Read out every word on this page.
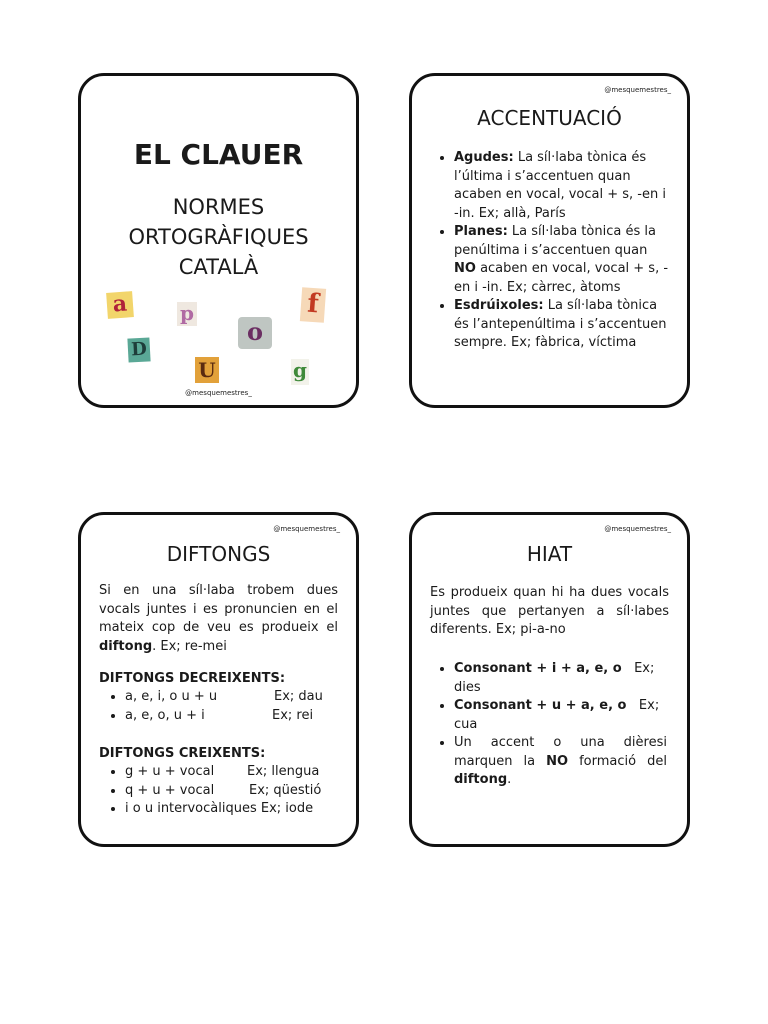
EL CLAUER
NORMES
ORTOGRÀFIQUES
CATALÀ
a	p	f
o
D
U	g
@mesquemestres_
@mesquemestres_
ACCENTUACIÓ
• Agudes: La síl·laba tònica és l’última i s’accentuen quan acaben en vocal, vocal + s, -en i -in. Ex; allà, París
• Planes: La síl·laba tònica és la penúltima i s’accentuen quan NO acaben en vocal, vocal + s, -en i -in. Ex; càrrec, àtoms
• Esdrúixoles: La síl·laba tònica és l’antepenúltima i s’accentuen sempre. Ex; fàbrica, víctima
@mesquemestres_
DIFTONGS
Si en una síl·laba trobem dues vocals juntes i es pronuncien en el mateix cop de veu es produeix el diftong. Ex; re-mei
DIFTONGS DECREIXENTS:
• a, e, i, o u + u	Ex; dau
• a, e, o, u + i	Ex; rei
DIFTONGS CREIXENTS:
• g + u + vocal	Ex; llengua
• q + u + vocal	Ex; qüestió
• i o u intervocàliques Ex; iode
@mesquemestres_
HIAT
Es produeix quan hi ha dues vocals juntes que pertanyen a síl·labes diferents. Ex; pi-a-no
• Consonant + i + a, e, o Ex; dies
• Consonant + u + a, e, o Ex; cua
• Un accent o una dièresi marquen la NO formació del diftong.
